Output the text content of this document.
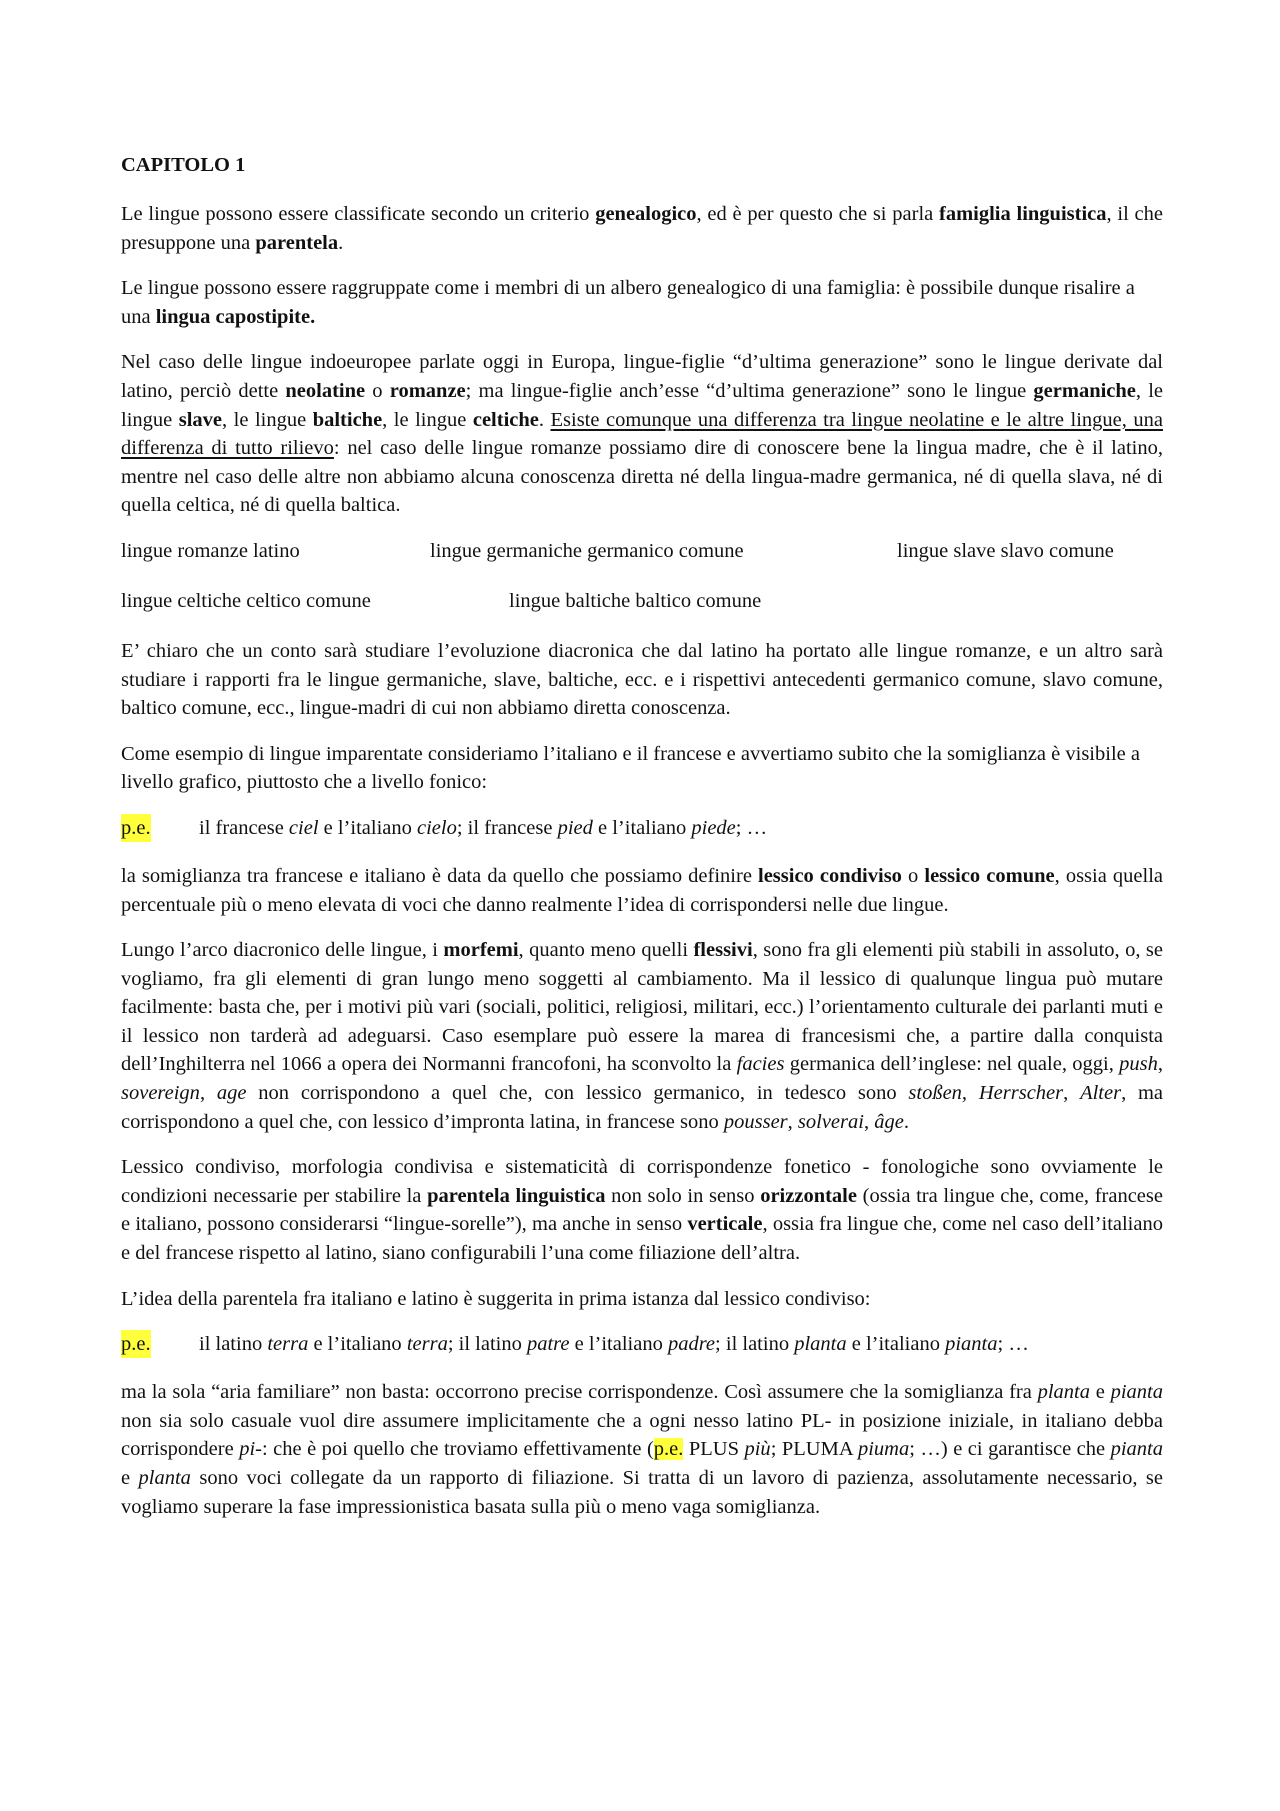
CAPITOLO 1

Le lingue possono essere classificate secondo un criterio genealogico, ed è per questo che si parla famiglia linguistica, il che presuppone una parentela.

Le lingue possono essere raggruppate come i membri di un albero genealogico di una famiglia: è possibile dunque risalire a una lingua capostipite.

Nel caso delle lingue indoeuropee parlate oggi in Europa, lingue-figlie “d’ultima generazione” sono le lingue derivate dal latino, perciò dette neolatine o romanze; ma lingue-figlie anch’esse “d’ultima generazione” sono le lingue germaniche, le lingue slave, le lingue baltiche, le lingue celtiche. Esiste comunque una differenza tra lingue neolatine e le altre lingue, una differenza di tutto rilievo: nel caso delle lingue romanze possiamo dire di conoscere bene la lingua madre, che è il latino, mentre nel caso delle altre non abbiamo alcuna conoscenza diretta né della lingua-madre germanica, né di quella slava, né di quella celtica, né di quella baltica.

lingue romanze latino	lingue germaniche germanico comune	lingue slave slavo comune
lingue celtiche celtico comune	lingue baltiche baltico comune

E’ chiaro che un conto sarà studiare l’evoluzione diacronica che dal latino ha portato alle lingue romanze, e un altro sarà studiare i rapporti fra le lingue germaniche, slave, baltiche, ecc. e i rispettivi antecedenti germanico comune, slavo comune, baltico comune, ecc., lingue-madri di cui non abbiamo diretta conoscenza.

Come esempio di lingue imparentate consideriamo l’italiano e il francese e avvertiamo subito che la somiglianza è visibile a livello grafico, piuttosto che a livello fonico:

p.e. il francese ciel e l’italiano cielo; il francese pied e l’italiano piede; …

la somiglianza tra francese e italiano è data da quello che possiamo definire lessico condiviso o lessico comune, ossia quella percentuale più o meno elevata di voci che danno realmente l’idea di corrispondersi nelle due lingue.

Lungo l’arco diacronico delle lingue, i morfemi, quanto meno quelli flessivi, sono fra gli elementi più stabili in assoluto, o, se vogliamo, fra gli elementi di gran lungo meno soggetti al cambiamento. Ma il lessico di qualunque lingua può mutare facilmente: basta che, per i motivi più vari (sociali, politici, religiosi, militari, ecc.) l’orientamento culturale dei parlanti muti e il lessico non tarderà ad adeguarsi. Caso esemplare può essere la marea di francesismi che, a partire dalla conquista dell’Inghilterra nel 1066 a opera dei Normanni francofoni, ha sconvolto la facies germanica dell’inglese: nel quale, oggi, push, sovereign, age non corrispondono a quel che, con lessico germanico, in tedesco sono stoßen, Herrscher, Alter, ma corrispondono a quel che, con lessico d’impronta latina, in francese sono pousser, solverai, âge.

Lessico condiviso, morfologia condivisa e sistematicità di corrispondenze fonetico - fonologiche sono ovviamente le condizioni necessarie per stabilire la parentela linguistica non solo in senso orizzontale (ossia tra lingue che, come, francese e italiano, possono considerarsi “lingue-sorelle”), ma anche in senso verticale, ossia fra lingue che, come nel caso dell’italiano e del francese rispetto al latino, siano configurabili l’una come filiazione dell’altra.

L’idea della parentela fra italiano e latino è suggerita in prima istanza dal lessico condiviso:

p.e. il latino terra e l’italiano terra; il latino patre e l’italiano padre; il latino planta e l’italiano pianta; …

ma la sola “aria familiare” non basta: occorrono precise corrispondenze. Così assumere che la somiglianza fra planta e pianta non sia solo casuale vuol dire assumere implicitamente che a ogni nesso latino PL- in posizione iniziale, in italiano debba corrispondere pi-: che è poi quello che troviamo effettivamente (p.e. PLUS più; PLUMA piuma; …) e ci garantisce che pianta e planta sono voci collegate da un rapporto di filiazione. Si tratta di un lavoro di pazienza, assolutamente necessario, se vogliamo superare la fase impressionistica basata sulla più o meno vaga somiglianza.
